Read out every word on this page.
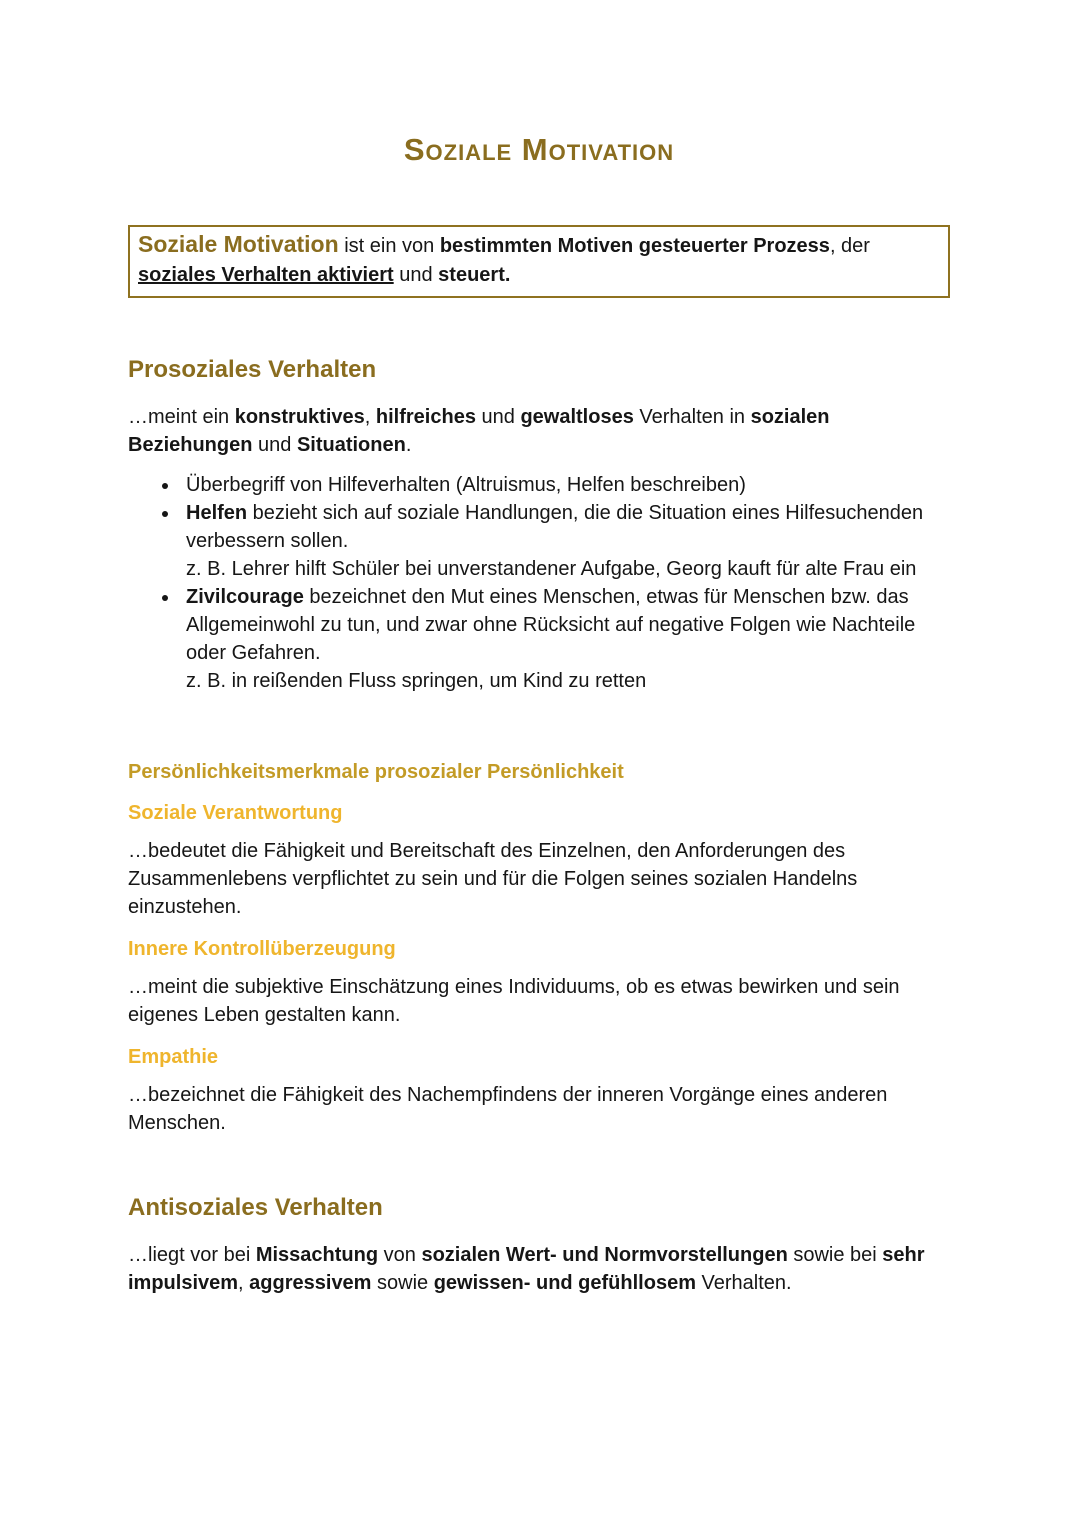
Soziale Motivation
Soziale Motivation ist ein von bestimmten Motiven gesteuerter Prozess, der soziales Verhalten aktiviert und steuert.
Prosoziales Verhalten

…meint ein konstruktives, hilfreiches und gewaltloses Verhalten in sozialen Beziehungen und Situationen.

• Überbegriff von Hilfeverhalten (Altruismus, Helfen beschreiben)
• Helfen bezieht sich auf soziale Handlungen, die die Situation eines Hilfesuchenden verbessern sollen.
z. B. Lehrer hilft Schüler bei unverstandener Aufgabe, Georg kauft für alte Frau ein
• Zivilcourage bezeichnet den Mut eines Menschen, etwas für Menschen bzw. das Allgemeinwohl zu tun, und zwar ohne Rücksicht auf negative Folgen wie Nachteile oder Gefahren.
z. B. in reißenden Fluss springen, um Kind zu retten
Persönlichkeitsmerkmale prosozialer Persönlichkeit
Soziale Verantwortung

…bedeutet die Fähigkeit und Bereitschaft des Einzelnen, den Anforderungen des Zusammenlebens verpflichtet zu sein und für die Folgen seines sozialen Handelns einzustehen.

Innere Kontrollüberzeugung

…meint die subjektive Einschätzung eines Individuums, ob es etwas bewirken und sein eigenes Leben gestalten kann.

Empathie

…bezeichnet die Fähigkeit des Nachempfindens der inneren Vorgänge eines anderen Menschen.

Antisoziales Verhalten

…liegt vor bei Missachtung von sozialen Wert- und Normvorstellungen sowie bei sehr impulsivem, aggressivem sowie gewissen- und gefühllosem Verhalten.
